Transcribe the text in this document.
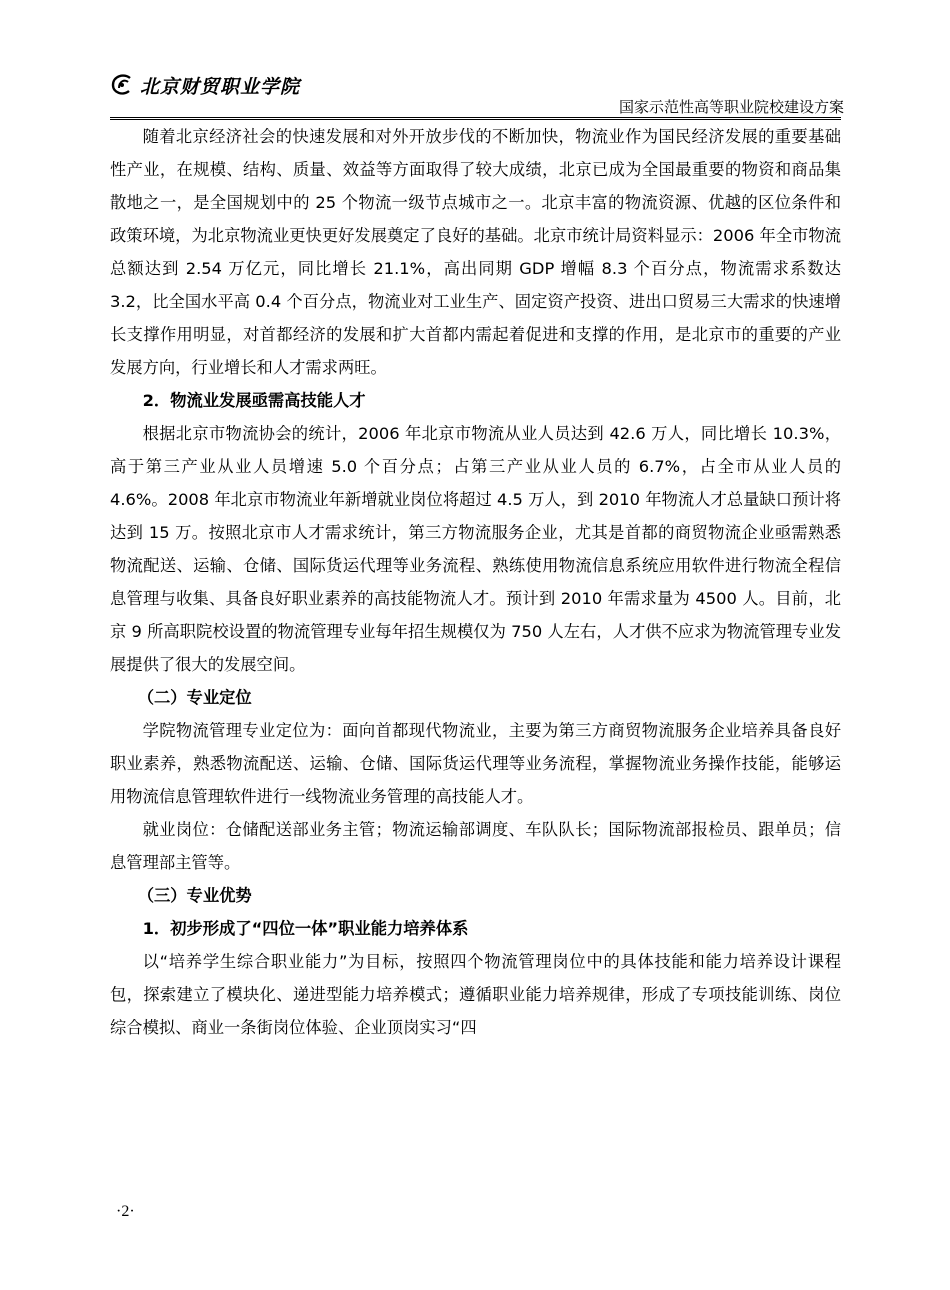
北京财贸职业学院
国家示范性高等职业院校建设方案

随着北京经济社会的快速发展和对外开放步伐的不断加快，物流业作为国民经济发展的重要基础性产业，在规模、结构、质量、效益等方面取得了较大成绩，北京已成为全国最重要的物资和商品集散地之一，是全国规划中的 25 个物流一级节点城市之一。北京丰富的物流资源、优越的区位条件和政策环境，为北京物流业更快更好发展奠定了良好的基础。北京市统计局资料显示：2006 年全市物流总额达到 2.54 万亿元，同比增长 21.1%，高出同期 GDP 增幅 8.3 个百分点，物流需求系数达 3.2，比全国水平高 0.4 个百分点，物流业对工业生产、固定资产投资、进出口贸易三大需求的快速增长支撑作用明显，对首都经济的发展和扩大首都内需起着促进和支撑的作用，是北京市的重要的产业发展方向，行业增长和人才需求两旺。

2．物流业发展亟需高技能人才

根据北京市物流协会的统计，2006 年北京市物流从业人员达到 42.6 万人，同比增长 10.3%，高于第三产业从业人员增速 5.0 个百分点；占第三产业从业人员的 6.7%，占全市从业人员的 4.6%。2008 年北京市物流业年新增就业岗位将超过 4.5 万人，到 2010 年物流人才总量缺口预计将达到 15 万。按照北京市人才需求统计，第三方物流服务企业，尤其是首都的商贸物流企业亟需熟悉物流配送、运输、仓储、国际货运代理等业务流程、熟练使用物流信息系统应用软件进行物流全程信息管理与收集、具备良好职业素养的高技能物流人才。预计到 2010 年需求量为 4500 人。目前，北京 9 所高职院校设置的物流管理专业每年招生规模仅为 750 人左右，人才供不应求为物流管理专业发展提供了很大的发展空间。

（二）专业定位

学院物流管理专业定位为：面向首都现代物流业，主要为第三方商贸物流服务企业培养具备良好职业素养，熟悉物流配送、运输、仓储、国际货运代理等业务流程，掌握物流业务操作技能，能够运用物流信息管理软件进行一线物流业务管理的高技能人才。

就业岗位：仓储配送部业务主管；物流运输部调度、车队队长；国际物流部报检员、跟单员；信息管理部主管等。

（三）专业优势

1．初步形成了“四位一体”职业能力培养体系

以“培养学生综合职业能力”为目标，按照四个物流管理岗位中的具体技能和能力培养设计课程包，探索建立了模块化、递进型能力培养模式；遵循职业能力培养规律，形成了专项技能训练、岗位综合模拟、商业一条街岗位体验、企业顶岗实习“四

·2·
